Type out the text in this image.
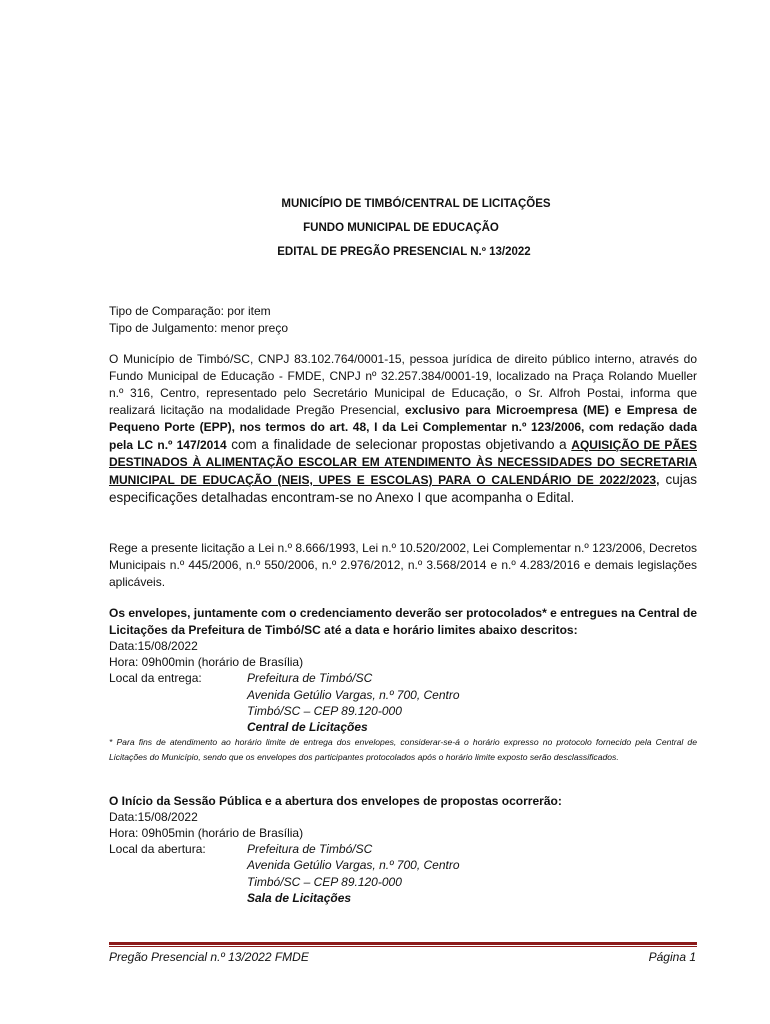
MUNICÍPIO DE TIMBÓ/CENTRAL DE LICITAÇÕES
FUNDO MUNICIPAL DE EDUCAÇÃO
EDITAL DE PREGÃO PRESENCIAL N.º 13/2022
Tipo de Comparação: por item
Tipo de Julgamento: menor preço
O Município de Timbó/SC, CNPJ 83.102.764/0001-15, pessoa jurídica de direito público interno, através do Fundo Municipal de Educação - FMDE, CNPJ nº 32.257.384/0001-19, localizado na Praça Rolando Mueller n.º 316, Centro, representado pelo Secretário Municipal de Educação, o Sr. Alfroh Postai, informa que realizará licitação na modalidade Pregão Presencial, exclusivo para Microempresa (ME) e Empresa de Pequeno Porte (EPP), nos termos do art. 48, I da Lei Complementar n.º 123/2006, com redação dada pela LC n.º 147/2014 com a finalidade de selecionar propostas objetivando a AQUISIÇÃO DE PÃES DESTINADOS À ALIMENTAÇÃO ESCOLAR EM ATENDIMENTO ÀS NECESSIDADES DO SECRETARIA MUNICIPAL DE EDUCAÇÃO (NEIS, UPES E ESCOLAS) PARA O CALENDÁRIO DE 2022/2023, cujas especificações detalhadas encontram-se no Anexo I que acompanha o Edital.
Rege a presente licitação a Lei n.º 8.666/1993, Lei n.º 10.520/2002, Lei Complementar n.º 123/2006, Decretos Municipais n.º 445/2006, n.º 550/2006, n.º 2.976/2012, n.º 3.568/2014 e n.º 4.283/2016 e demais legislações aplicáveis.
Os envelopes, juntamente com o credenciamento deverão ser protocolados* e entregues na Central de Licitações da Prefeitura de Timbó/SC até a data e horário limites abaixo descritos:
Data:15/08/2022
Hora: 09h00min (horário de Brasília)
Local da entrega:	Prefeitura de Timbó/SC
Avenida Getúlio Vargas, n.º 700, Centro
Timbó/SC – CEP 89.120-000
Central de Licitações
* Para fins de atendimento ao horário limite de entrega dos envelopes, considerar-se-á o horário expresso no protocolo fornecido pela Central de Licitações do Município, sendo que os envelopes dos participantes protocolados após o horário limite exposto serão desclassificados.
O Início da Sessão Pública e a abertura dos envelopes de propostas ocorrerão:
Data:15/08/2022
Hora: 09h05min (horário de Brasília)
Local da abertura:	Prefeitura de Timbó/SC
Avenida Getúlio Vargas, n.º 700, Centro
Timbó/SC – CEP 89.120-000
Sala de Licitações
Pregão Presencial n.º 13/2022 FMDE	Página 1
